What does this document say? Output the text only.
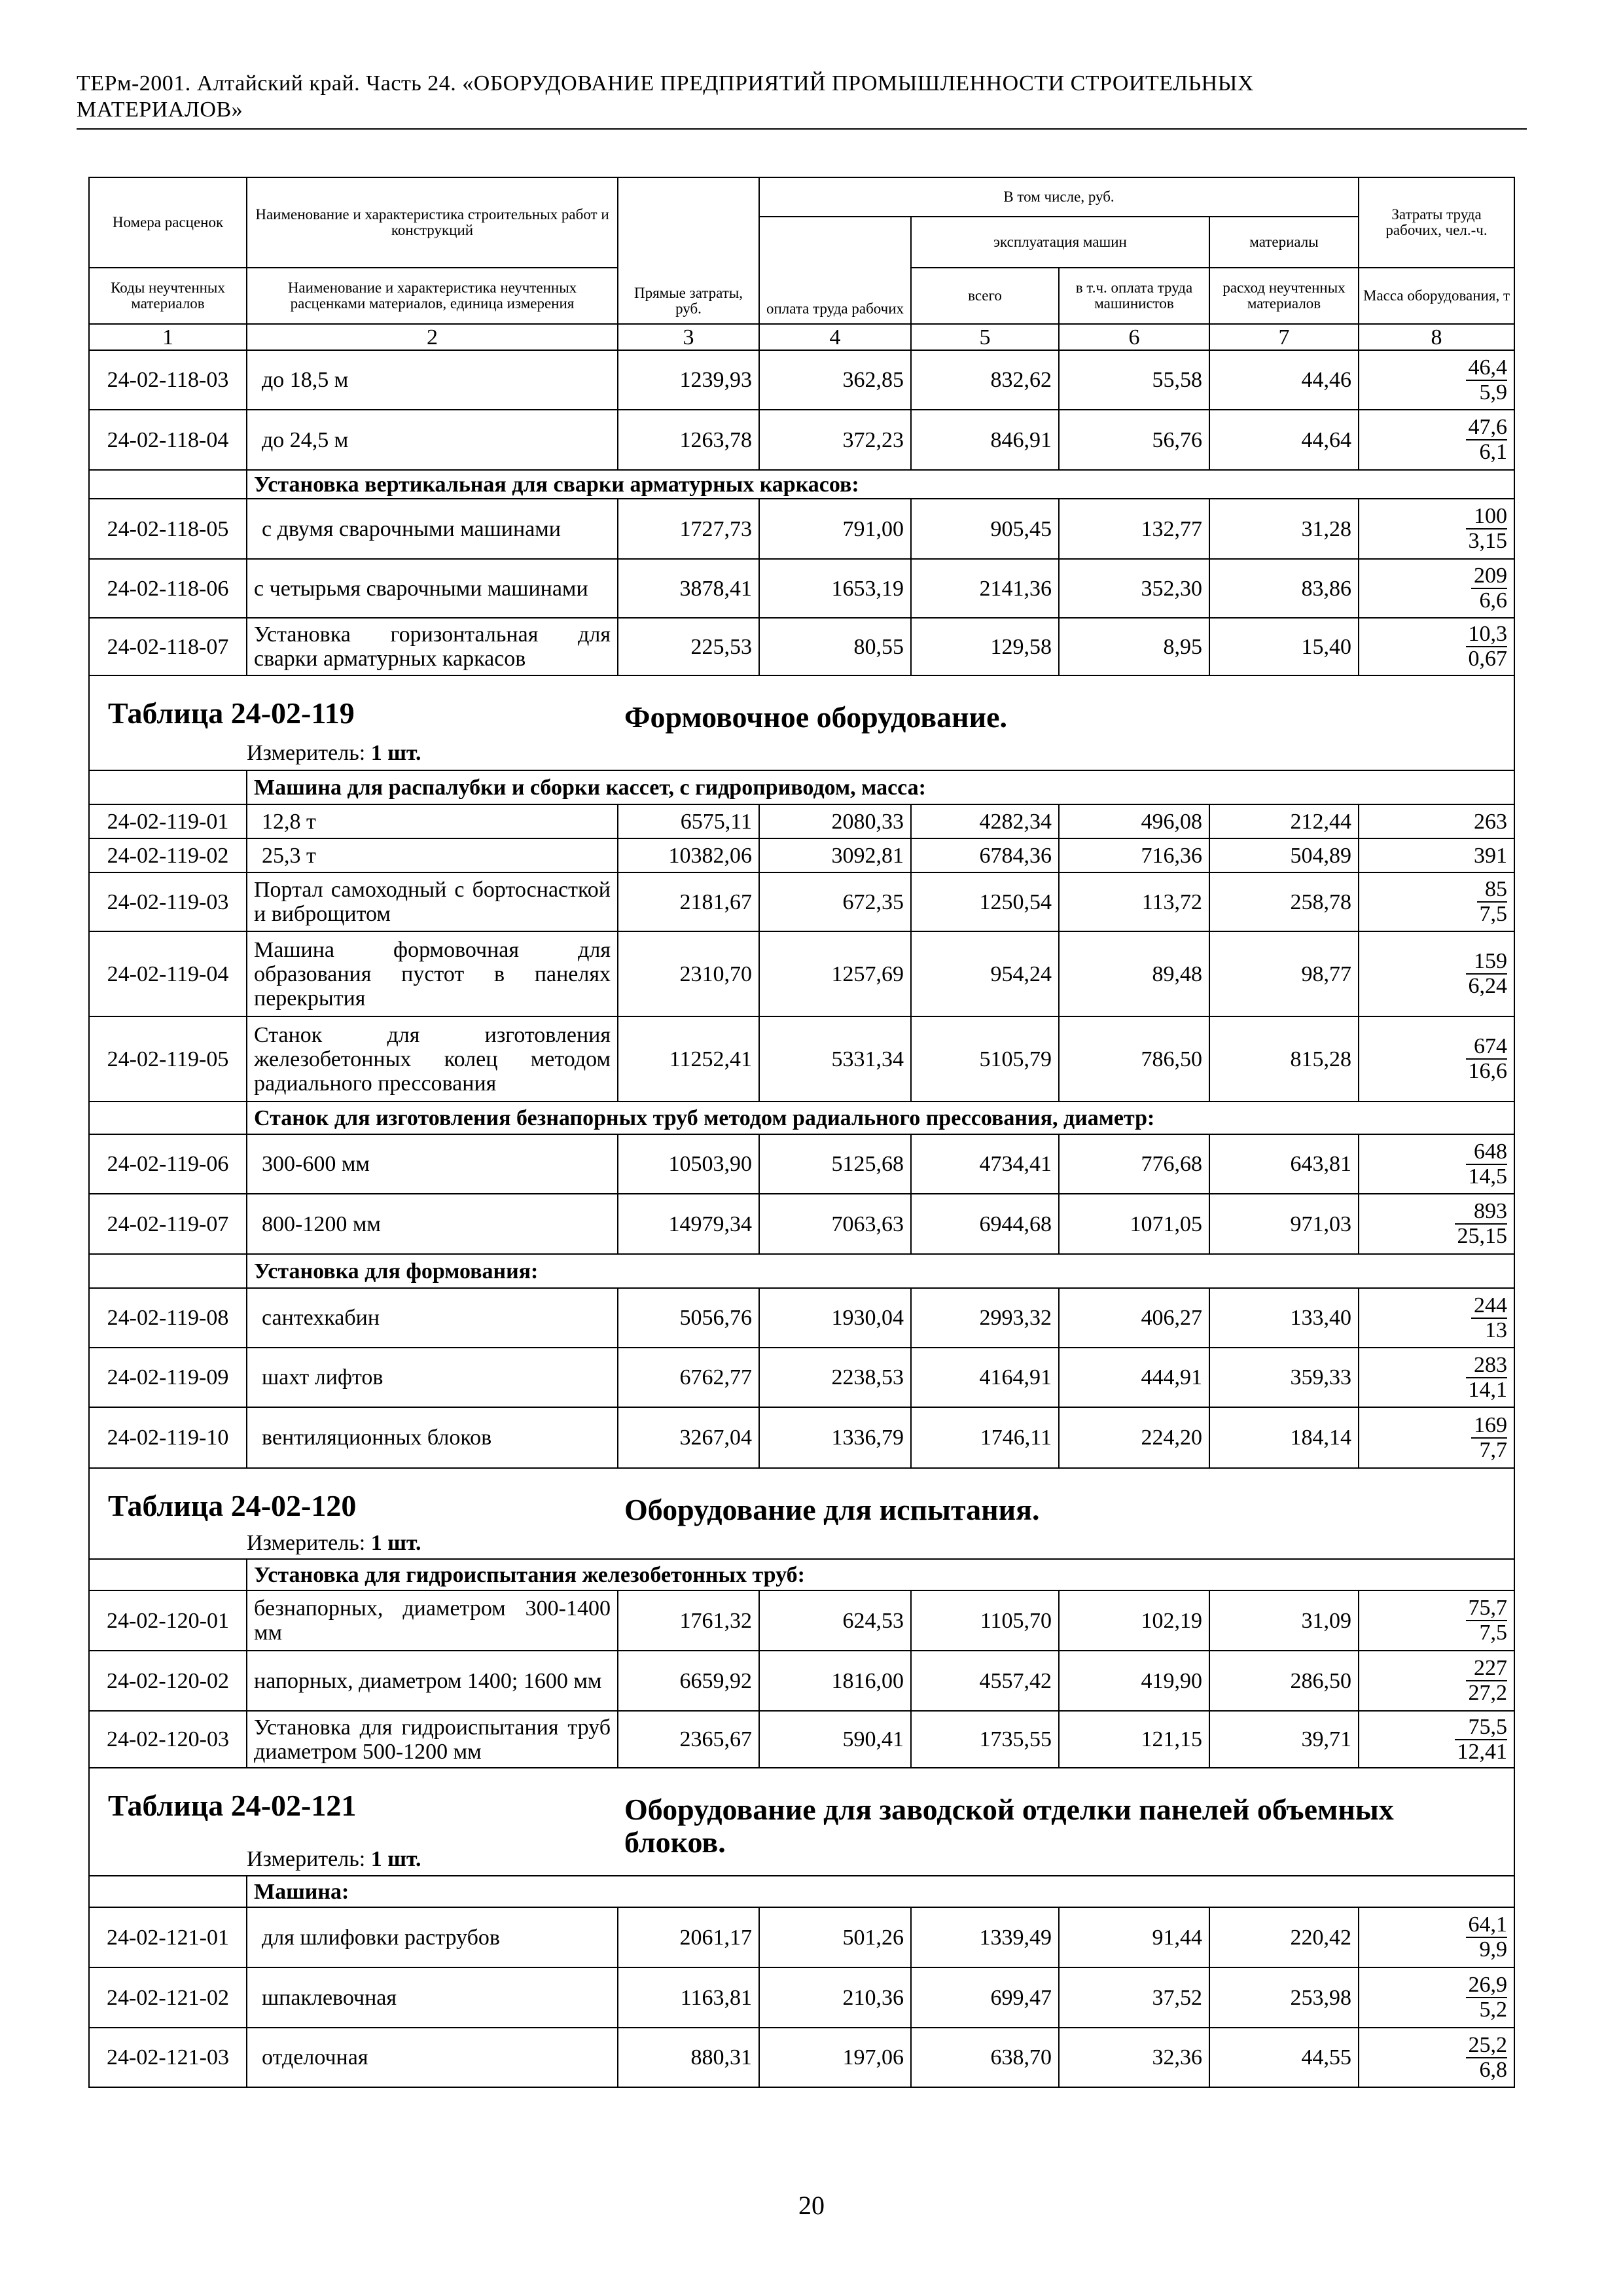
ТЕРм-2001. Алтайский край. Часть 24. «ОБОРУДОВАНИЕ ПРЕДПРИЯТИЙ ПРОМЫШЛЕННОСТИ СТРОИТЕЛЬНЫХ
МАТЕРИАЛОВ»
Номера расценок	Наименование и характеристика строительных работ и конструкций	Прямые затраты, руб.	В том числе, руб.				Затраты труда рабочих, чел.-ч.
			оплата труда рабочих	эксплуатация машин		материалы	
Коды неучтенных материалов	Наименование и характеристика неучтенных расценками материалов, единица измерения			всего	в т.ч. оплата труда машинистов	расход неучтенных материалов	Масса оборудования, т
1	2	3	4	5	6	7	8
24-02-118-03	до 18,5 м	1239,93	362,85	832,62	55,58	44,46	$\frac{46,4}{5,9}$

24-02-118-04	до 24,5 м	1263,78	372,23	846,91	56,76	44,64	$\frac{47,6}{6,1}$

	Установка вертикальная для сварки арматурных каркасов:						
24-02-118-05	с двумя сварочными машинами	1727,73	791,00	905,45	132,77	31,28	$\frac{100}{3,15}$

24-02-118-06	с четырьмя сварочными машинами	3878,41	1653,19	2141,36	352,30	83,86	$\frac{209}{6,6}$

24-02-118-07	Установка горизонтальная для сварки арматурных каркасов	225,53	80,55	129,58	8,95	15,40	$\frac{10,3}{0,67}$

Таблица 24-02-119 Формовочное оборудование.							

Измеритель: 1 шт.							
	Машина для распалубки и сборки кассет, с гидроприводом, масса:						
24-02-119-01	12,8 т	6575,11	2080,33	4282,34	496,08	212,44	263
24-02-119-02	25,3 т	10382,06	3092,81	6784,36	716,36	504,89	391
24-02-119-03	Портал самоходный с бортоснасткой и виброщитом	2181,67	672,35	1250,54	113,72	258,78	$\frac{85}{7,5}$

24-02-119-04	Машина формовочная для образования пустот в панелях перекрытия	2310,70	1257,69	954,24	89,48	98,77	$\frac{159}{6,24}$

24-02-119-05	Станок для изготовления железобетонных колец методом радиального прессования	11252,41	5331,34	5105,79	786,50	815,28	$\frac{674}{16,6}$

	Станок для изготовления безнапорных труб методом радиального прессования, диаметр:						
24-02-119-06	300-600 мм	10503,90	5125,68	4734,41	776,68	643,81	$\frac{648}{14,5}$

24-02-119-07	800-1200 мм	14979,34	7063,63	6944,68	1071,05	971,03	$\frac{893}{25,15}$

	Установка для формования:						
24-02-119-08	сантехкабин	5056,76	1930,04	2993,32	406,27	133,40	$\frac{244}{13}$

24-02-119-09	шахт лифтов	6762,77	2238,53	4164,91	444,91	359,33	$\frac{283}{14,1}$

24-02-119-10	вентиляционных блоков	3267,04	1336,79	1746,11	224,20	184,14	$\frac{169}{7,7}$

Таблица 24-02-120 Оборудование для испытания.							

Измеритель: 1 шт.							
	Установка для гидроиспытания железобетонных труб:						
24-02-120-01	безнапорных, диаметром 300-1400 мм	1761,32	624,53	1105,70	102,19	31,09	$\frac{75,7}{7,5}$

24-02-120-02	напорных, диаметром 1400; 1600 мм	6659,92	1816,00	4557,42	419,90	286,50	$\frac{227}{27,2}$

24-02-120-03	Установка для гидроиспытания труб диаметром 500-1200 мм	2365,67	590,41	1735,55	121,15	39,71	$\frac{75,5}{12,41}$

Таблица 24-02-121 Оборудование для заводской отделки панелей объемных блоков.							

Измеритель: 1 шт.							
	Машина:						
24-02-121-01	для шлифовки раструбов	2061,17	501,26	1339,49	91,44	220,42	$\frac{64,1}{9,9}$

24-02-121-02	шпаклевочная	1163,81	210,36	699,47	37,52	253,98	$\frac{26,9}{5,2}$

24-02-121-03	отделочная	880,31	197,06	638,70	32,36	44,55	$\frac{25,2}{6,8}$
20
